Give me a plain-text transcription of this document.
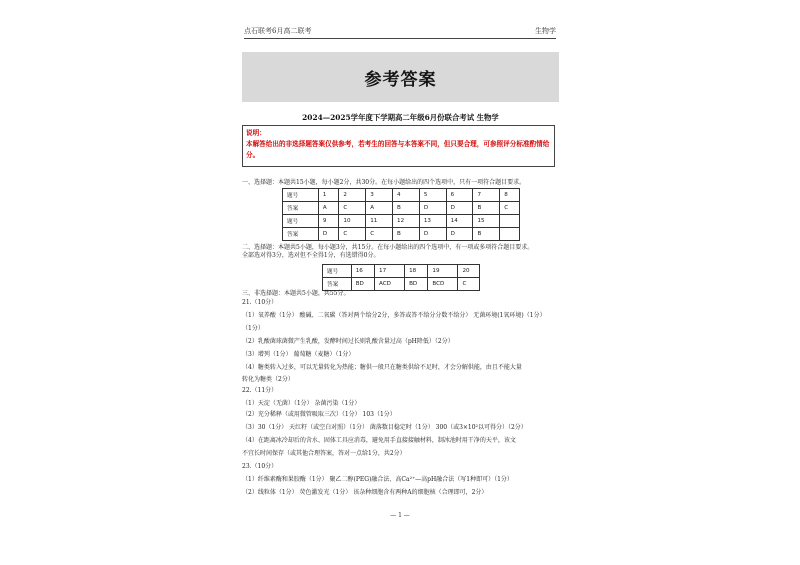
点石联考6月高二联考	生物学
参考答案
2024—2025学年度下学期高二年级6月份联合考试 生物学
说明：
本解答给出的非选择题答案仅供参考，若考生的回答与本答案不同，但只要合理，可参照评分标准酌情给分。
一、选择题：本题共15小题，每小题2分，共30分。在每小题给出的四个选项中，只有一项符合题目要求。
题号	1	2	3	4	5	6	7	8
答案	A	C	A	B	D	D	B	C
题号	9	10	11	12	13	14	15	
答案	D	C	C	B	D	D	B	
二、选择题：本题共5小题，每小题3分，共15分。在每小题给出的四个选项中，有一项或多项符合题目要求。
全部选对得3分，选对但不全得1分，有选错得0分。
题号	16	17	18	19	20
答案	BD	ACD	BD	BCD	C
三、非选择题：本题共5小题，共55分。
21.（10分）
（1）氧养酸（1分） 酸碱、二氧碳（答对两个给分2分，多答或答不给分分数不给分） 无菌环境(1氧环境)（1分）
（1分）
（2）乳酸菌球菌微产生乳酸，发酵时间过长则乳酸含量过高（pH降低）（2分）
（3）增列（1分） 葡萄糖（麦糖）（1分）
（4）糖类转入过多，可以无量转化为热能；糖供一般只在糖类供给不足时，才会分解供能，由且不能大量
转化为糖类（2分）
22.（11分）
（1）天淀（无菌）（1分） 杂菌污染（1分）
（2）充分稀释（或用微管吸取三次）（1分） 103（1分）
（3）30（1分） 天红籽（或空白对照）（1分） 菌落数目稳定时（1分） 300（或3×10²以可得分）（2分）
（4）在距离冰冷却后的含水、固体工具应消毒，避免用手直接接触材料，制冰池时用干净的天平，该文
不宜长时间保存（或其他合理答案，答对一点给1分，共2分）
23.（10分）
（1）纤维素酶和果胶酶（1分） 聚乙二醇(PEG)融合法、高Ca²⁺—高pH融合法（写1种即可）（1分）
（2）线粒体（1分） 荧色激发光（1分） 该杂种细胞含有两种A的细胞核（合理即可，2分）
— 1 —
